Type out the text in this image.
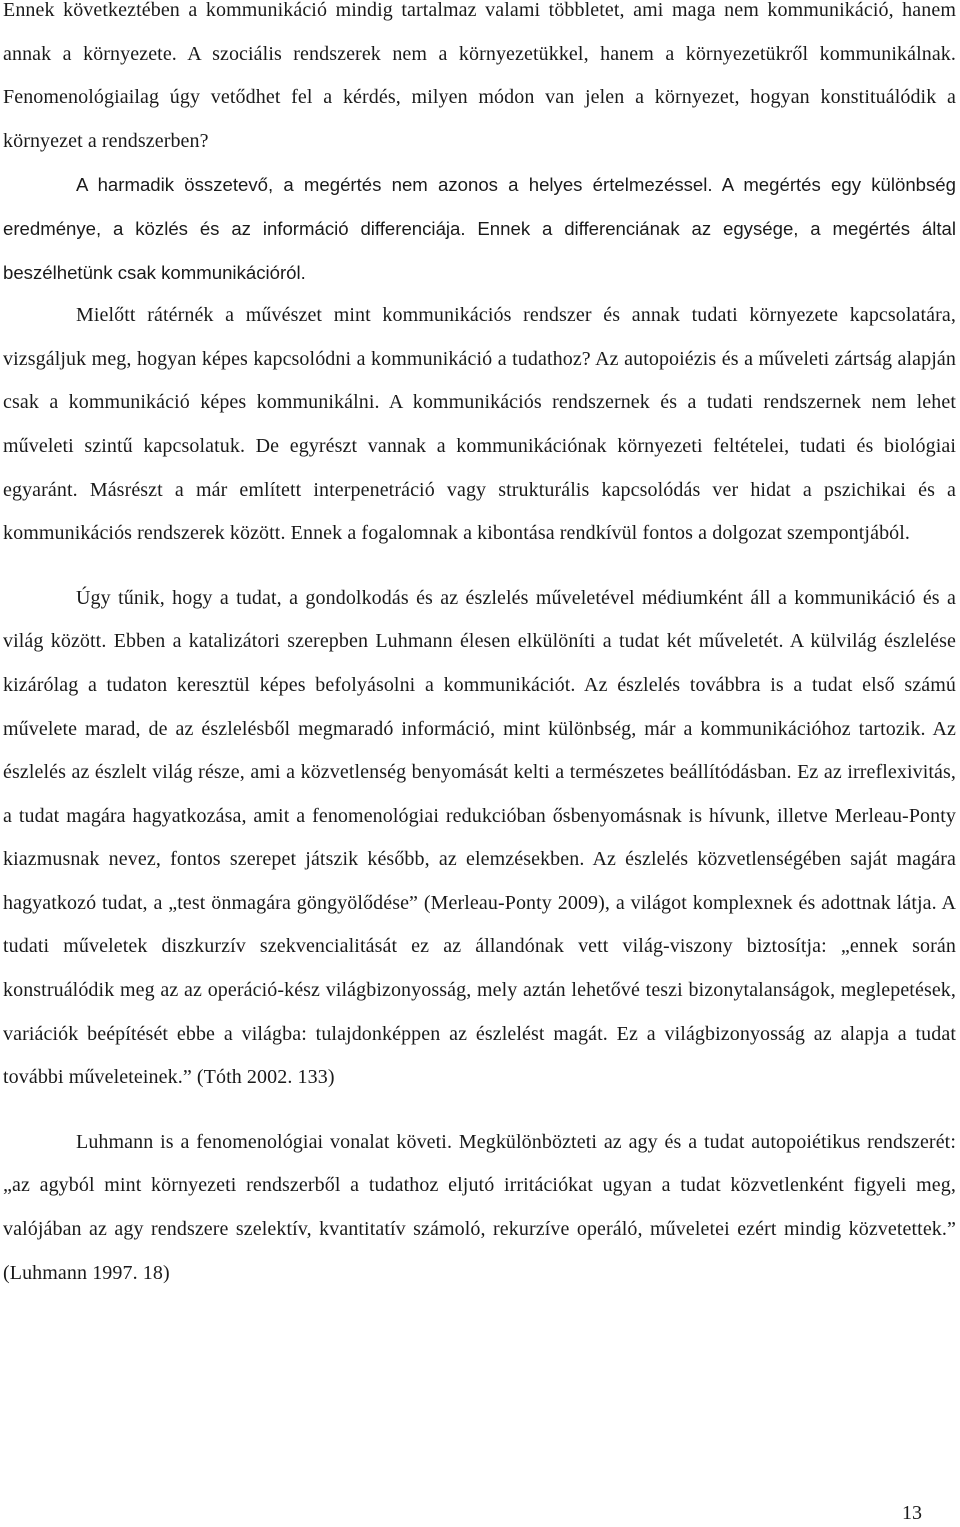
Ennek következtében a kommunikáció mindig tartalmaz valami többletet, ami maga nem kommunikáció, hanem annak a környezete. A szociális rendszerek nem a környezetükkel, hanem a környezetükről kommunikálnak. Fenomenológiailag úgy vetődhet fel a kérdés, milyen módon van jelen a környezet, hogyan konstituálódik a környezet a rendszerben?

A harmadik összetevő, a megértés nem azonos a helyes értelmezéssel. A megértés egy különbség eredménye, a közlés és az információ differenciája. Ennek a differenciának az egysége, a megértés által beszélhetünk csak kommunikációról.

Mielőtt rátérnék a művészet mint kommunikációs rendszer és annak tudati környezete kapcsolatára, vizsgáljuk meg, hogyan képes kapcsolódni a kommunikáció a tudathoz? Az autopoiézis és a műveleti zártság alapján csak a kommunikáció képes kommunikálni. A kommunikációs rendszernek és a tudati rendszernek nem lehet műveleti szintű kapcsolatuk. De egyrészt vannak a kommunikációnak környezeti feltételei, tudati és biológiai egyaránt. Másrészt a már említett interpenetráció vagy strukturális kapcsolódás ver hidat a pszichikai és a kommunikációs rendszerek között. Ennek a fogalomnak a kibontása rendkívül fontos a dolgozat szempontjából.

Úgy tűnik, hogy a tudat, a gondolkodás és az észlelés műveletével médiumként áll a kommunikáció és a világ között. Ebben a katalizátori szerepben Luhmann élesen elkülöníti a tudat két műveletét. A külvilág észlelése kizárólag a tudaton keresztül képes befolyásolni a kommunikációt. Az észlelés továbbra is a tudat első számú művelete marad, de az észlelésből megmaradó információ, mint különbség, már a kommunikációhoz tartozik. Az észlelés az észlelt világ része, ami a közvetlenség benyomását kelti a természetes beállítódásban. Ez az irreflexivitás, a tudat magára hagyatkozása, amit a fenomenológiai redukcióban ősbenyomásnak is hívunk, illetve Merleau-Ponty kiazmusnak nevez, fontos szerepet játszik később, az elemzésekben. Az észlelés közvetlenségében saját magára hagyatkozó tudat, a „test önmagára göngyölődése” (Merleau-Ponty 2009), a világot komplexnek és adottnak látja. A tudati műveletek diszkurzív szekvencialitását ez az állandónak vett világ-viszony biztosítja: „ennek során konstruálódik meg az az operáció-kész világbizonyosság, mely aztán lehetővé teszi bizonytalanságok, meglepetések, variációk beépítését ebbe a világba: tulajdonképpen az észlelést magát. Ez a világbizonyosság az alapja a tudat további műveleteinek.” (Tóth 2002. 133)

Luhmann is a fenomenológiai vonalat követi. Megkülönbözteti az agy és a tudat autopoiétikus rendszerét: „az agyból mint környezeti rendszerből a tudathoz eljutó irritációkat ugyan a tudat közvetlenként figyeli meg, valójában az agy rendszere szelektív, kvantitatív számoló, rekurzíve operáló, műveletei ezért mindig közvetettek.” (Luhmann 1997. 18)

13
